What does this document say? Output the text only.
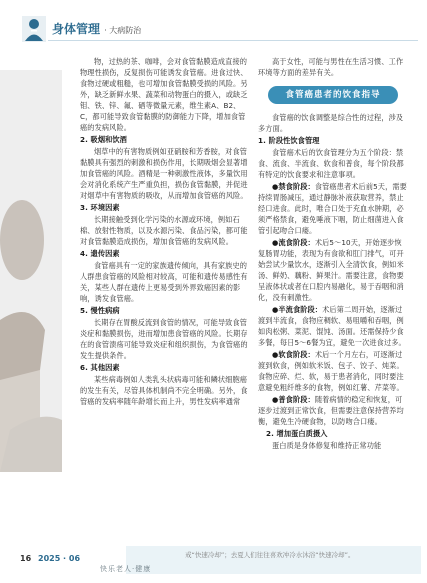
身体管理 · 大病防治

物，过热的茶、咖啡，会对食管黏膜造成直接的物理性损伤，反复损伤可能诱发食管癌。进食过快、食物过硬或粗糙，也可增加食管黏膜受损的风险。另外，缺乏新鲜水果、蔬菜和动物蛋白的摄入，或缺乏钼、铁、锌、氟、硒等微量元素，维生素A、B2、C，都可能导致食管黏膜的防御能力下降，增加食管癌的发病风险。

2. 吸烟和饮酒

烟草中的有害物质例如亚硝胺和芳香胺，对食管黏膜具有强烈的刺激和损伤作用，长期吸烟会显著增加食管癌的风险。酒精是一种刺激性液体，多量饮用会对消化系统产生严重负担，损伤食管黏膜，并促进对烟草中有害物质的吸收，从而增加食管癌的风险。

3. 环境因素

长期接触受到化学污染的水源或环境，例如石棉、放射性物质，以及水源污染、食品污染，都可能对食管黏膜造成损伤，增加食管癌的发病风险。

4. 遗传因素

食管癌具有一定的家族遗传倾向，具有家族史的人群患食管癌的风险相对较高，可能和遗传易感性有关，某些人群在遗传上更易受到外界致癌因素的影响，诱发食管癌。

5. 慢性病病

长期存在胃酸反流到食管的情况，可能导致食管炎症和黏膜损伤，进而增加患食管癌的风险。长期存在的食管溃疡可能导致炎症和组织损伤，为食管癌的发生提供条件。

6. 其他因素

某些病毒例如人类乳头状病毒可能和鳞状细胞癌的发生有关，尽管具体机制尚不完全明确。另外，食管癌的发病率随年龄增长而上升，男性发病率通常

高于女性，可能与男性在生活习惯、工作环境等方面的差异有关。

食管癌患者的饮食指导

食管癌的饮食调整是综合性的过程，涉及多方面。

1. 阶段性饮食管理

食管癌术后的饮食管理分为五个阶段：禁食、流食、半流食、软食和普食，每个阶段都有特定的饮食要求和注意事项。

●禁食阶段：食管癌患者术后前5天，需要持续胃肠减压，通过静脉补液获取营养，禁止经口进食。此时，唯合口处于充血水肿期，必须严格禁食，避免唾液下咽，防止细菌进入食管引起吻合口瘘。

●流食阶段：术后5～10天，开始逐步恢复肠胃功能，表现为有食欲和肛门排气，可开始尝试少量饮水，逐渐引入全清饮食，例如米汤、鲜奶、藕粉、鲜果汁。需要注意，食物要呈液体状或者在口腔内易融化，易于吞咽和消化，没有刺激性。

●半流食阶段：术后第二周开始，逐渐过渡到半流食，食物应稠软、易咀嚼和吞咽，例如肉松粥、菜泥、馄饨、汤面。还需保持少食多餐，每日5～6餐为宜，避免一次进食过多。

●软食阶段：术后一个月左右，可逐渐过渡到软食，例如软米饭、包子、饺子、炖菜。食物应碎、烂、软，易于患者消化，同时要注意避免粗纤维多的食物，例如红薯、芹菜等。

●普食阶段：随着病情的稳定和恢复，可逐步过渡到正常饮食，但需要注意保持营养均衡，避免生冷硬食物，以防吻合口瘘。

2. 增加蛋白质摄入

蛋白质是身体修复和维持正常功能

16 2025 · 06
快乐老人·健康
戒“快速冷却”；去夏人们往往喜欢冲冷水沐浴“快速冷却”。
